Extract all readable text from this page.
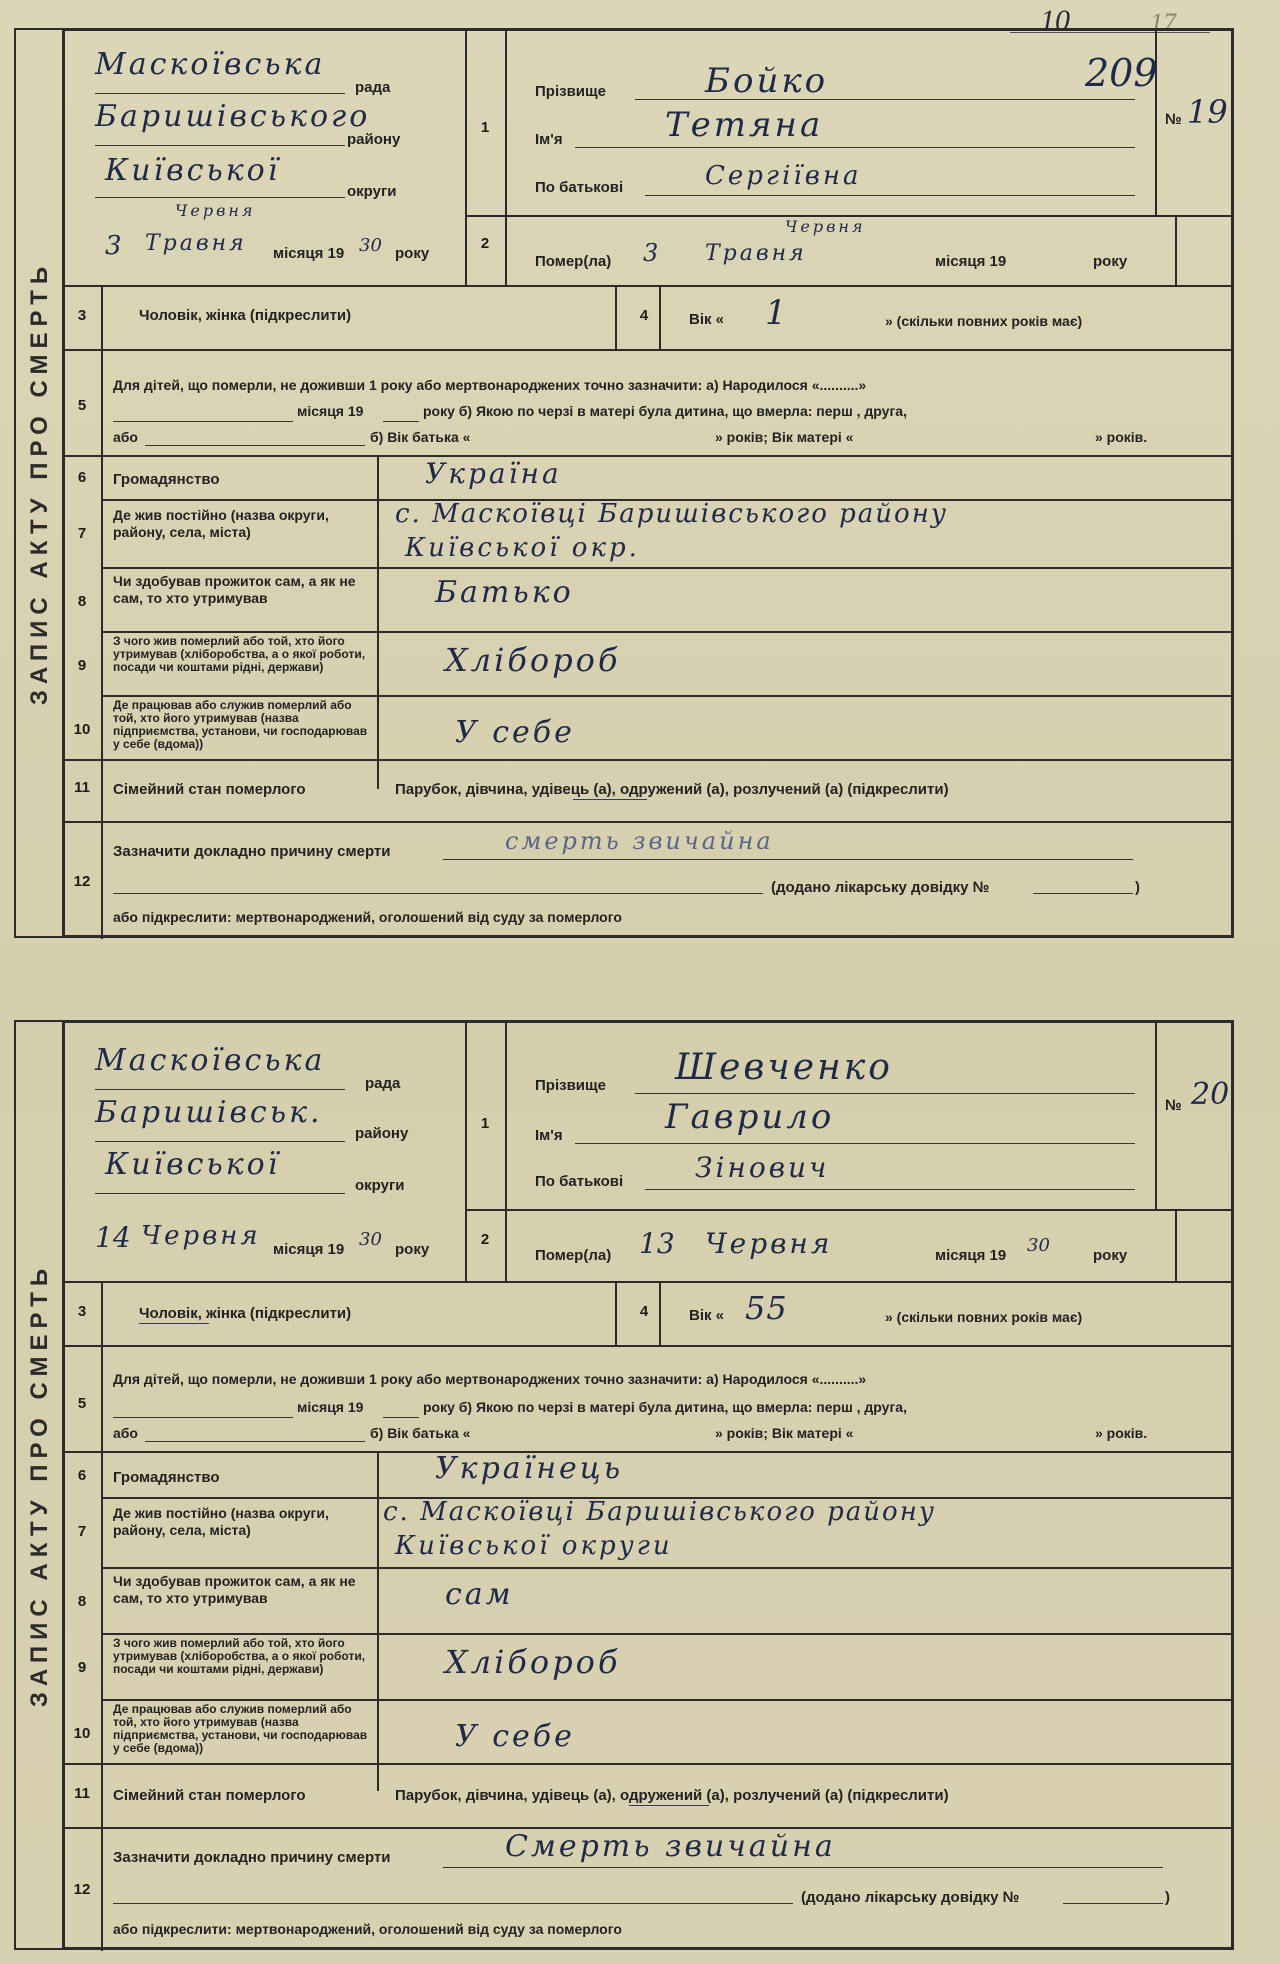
10	17
ЗАПИС АКТУ ПРО СМЕРТЬ
Маскоївська
рада
Баришівського
району
Київської
округи
3 Травня
Червня
місяця 19 30 року
1
2
Прізвище	Бойко
Ім'я	Тетяна
По батькові	Сергіївна
209
№ 19
Помер(ла) 3 Травня
Червня
місяця 19	року
3	Чоловік, жінка (підкреслити)	4	Вік « 1	» (скільки повних років має)
5
Для дітей, що померли, не доживши 1 року або мертвонароджених точно зазначити: а) Народилося «..........»
місяця 19	року б) Якою по черзі в матері була дитина, що вмерла: перш , друга,
або	б) Вік батька «	» років; Вік матері «	» років.
6	Громадянство	Україна
7
Де жив постійно (назва округи, району, села, міста)
с. Маскоївці Баришівського району
Київської окр.
8
Чи здобував прожиток сам, а як не сам, то хто утримував	Батько
9
З чого жив померлий або той, хто його утримував (хліборобства, а о якої роботи, посади чи коштами рідні, держави)	Хлібороб
10
Де працював або служив померлий або той, хто його утримував (назва підприємства, установи, чи господарював у себе (вдома))	У себе
11	Сімейний стан померлого	Парубок, дівчина, удівець (а), одружений (а), розлучений (а) (підкреслити)
12
Зазначити докладно причину смерти	смерть звичайна
(додано лікарську довідку №	)
або підкреслити: мертвонароджений, оголошений від суду за померлого
ЗАПИС АКТУ ПРО СМЕРТЬ
Маскоївська
рада
Баришівськ.
району
Київської
округи
14 Червня місяця 19 30 року
1
2
Прізвище Шевченко
Ім'я	Гаврило
По батькові	Зінович
№ 20
Помер(ла) 13 Червня	місяця 19 30	року
3	Чоловік, жінка (підкреслити)	4	Вік « 55	» (скільки повних років має)
5
Для дітей, що померли, не доживши 1 року або мертвонароджених точно зазначити: а) Народилося «..........»
місяця 19	року б) Якою по черзі в матері була дитина, що вмерла: перш , друга,
або	б) Вік батька «	» років; Вік матері «	» років.
6	Громадянство	Українець
7
Де жив постійно (назва округи, району, села, міста)
с. Маскоївці Баришівського району
Київської округи
8
Чи здобував прожиток сам, а як не сам, то хто утримував	сам
9
З чого жив померлий або той, хто його утримував (хліборобства, а о якої роботи, посади чи коштами рідні, держави)	Хлібороб
10
Де працював або служив померлий або той, хто його утримував (назва підприємства, установи, чи господарював у себе (вдома))	У себе
11	Сімейний стан померлого	Парубок, дівчина, удівець (а), одружений (а), розлучений (а) (підкреслити)
12
Зазначити докладно причину смерти	Смерть звичайна
(додано лікарську довідку №	)
або підкреслити: мертвонароджений, оголошений від суду за померлого
